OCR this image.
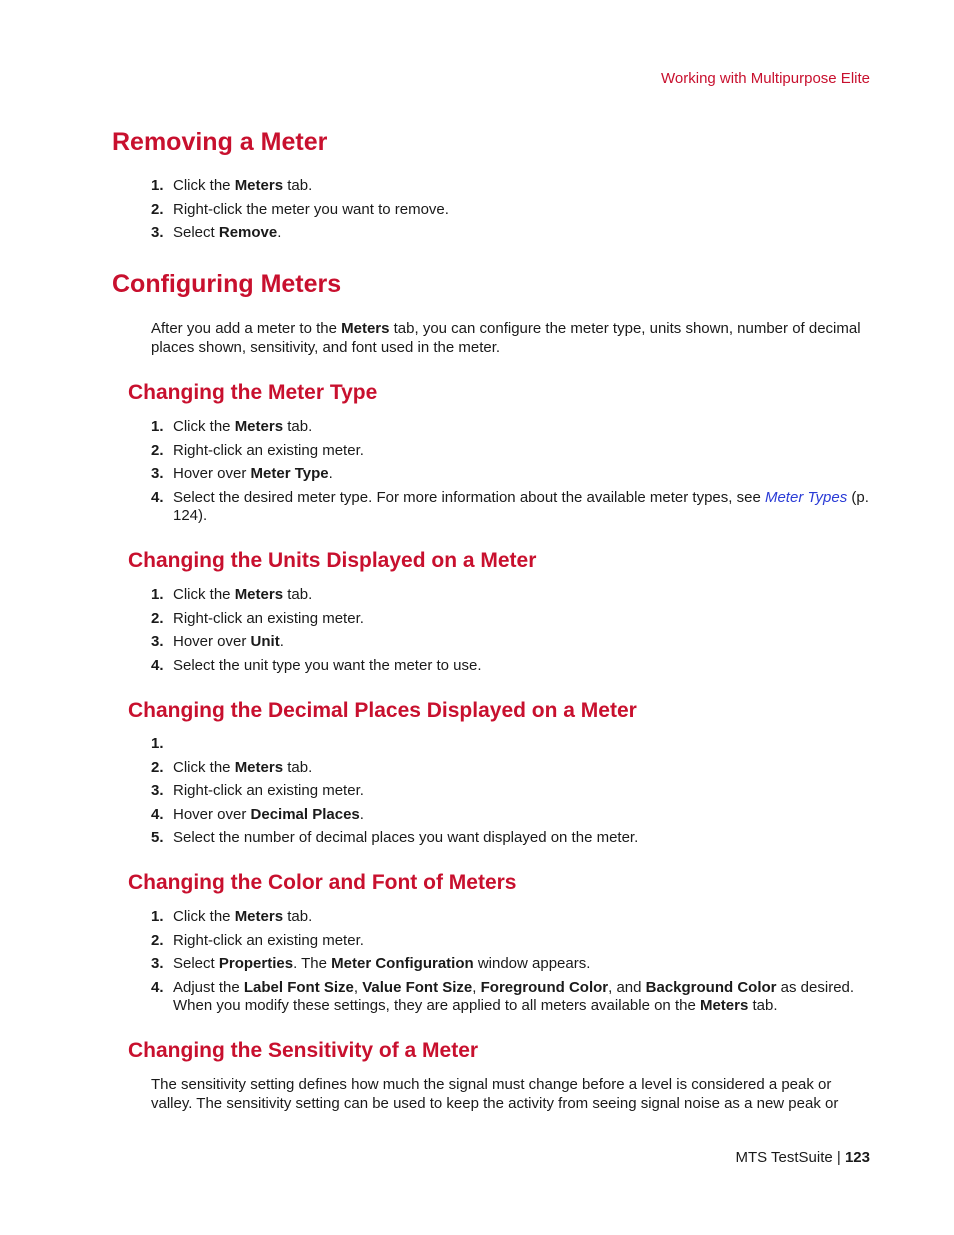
Working with Multipurpose Elite
Removing a Meter
1. Click the Meters tab.
2. Right-click the meter you want to remove.
3. Select Remove.
Configuring Meters

After you add a meter to the Meters tab, you can configure the meter type, units shown, number of decimal places shown, sensitivity, and font used in the meter.

Changing the Meter Type
1. Click the Meters tab.
2. Right-click an existing meter.
3. Hover over Meter Type.
4. Select the desired meter type. For more information about the available meter types, see Meter Types (p. 124).
Changing the Units Displayed on a Meter
1. Click the Meters tab.
2. Right-click an existing meter.
3. Hover over Unit.
4. Select the unit type you want the meter to use.
Changing the Decimal Places Displayed on a Meter
1.
2. Click the Meters tab.
3. Right-click an existing meter.
4. Hover over Decimal Places.
5. Select the number of decimal places you want displayed on the meter.
Changing the Color and Font of Meters
1. Click the Meters tab.
2. Right-click an existing meter.
3. Select Properties. The Meter Configuration window appears.
4. Adjust the Label Font Size, Value Font Size, Foreground Color, and Background Color as desired. When you modify these settings, they are applied to all meters available on the Meters tab.
Changing the Sensitivity of a Meter

The sensitivity setting defines how much the signal must change before a level is considered a peak or valley. The sensitivity setting can be used to keep the activity from seeing signal noise as a new peak or

MTS TestSuite | 123
